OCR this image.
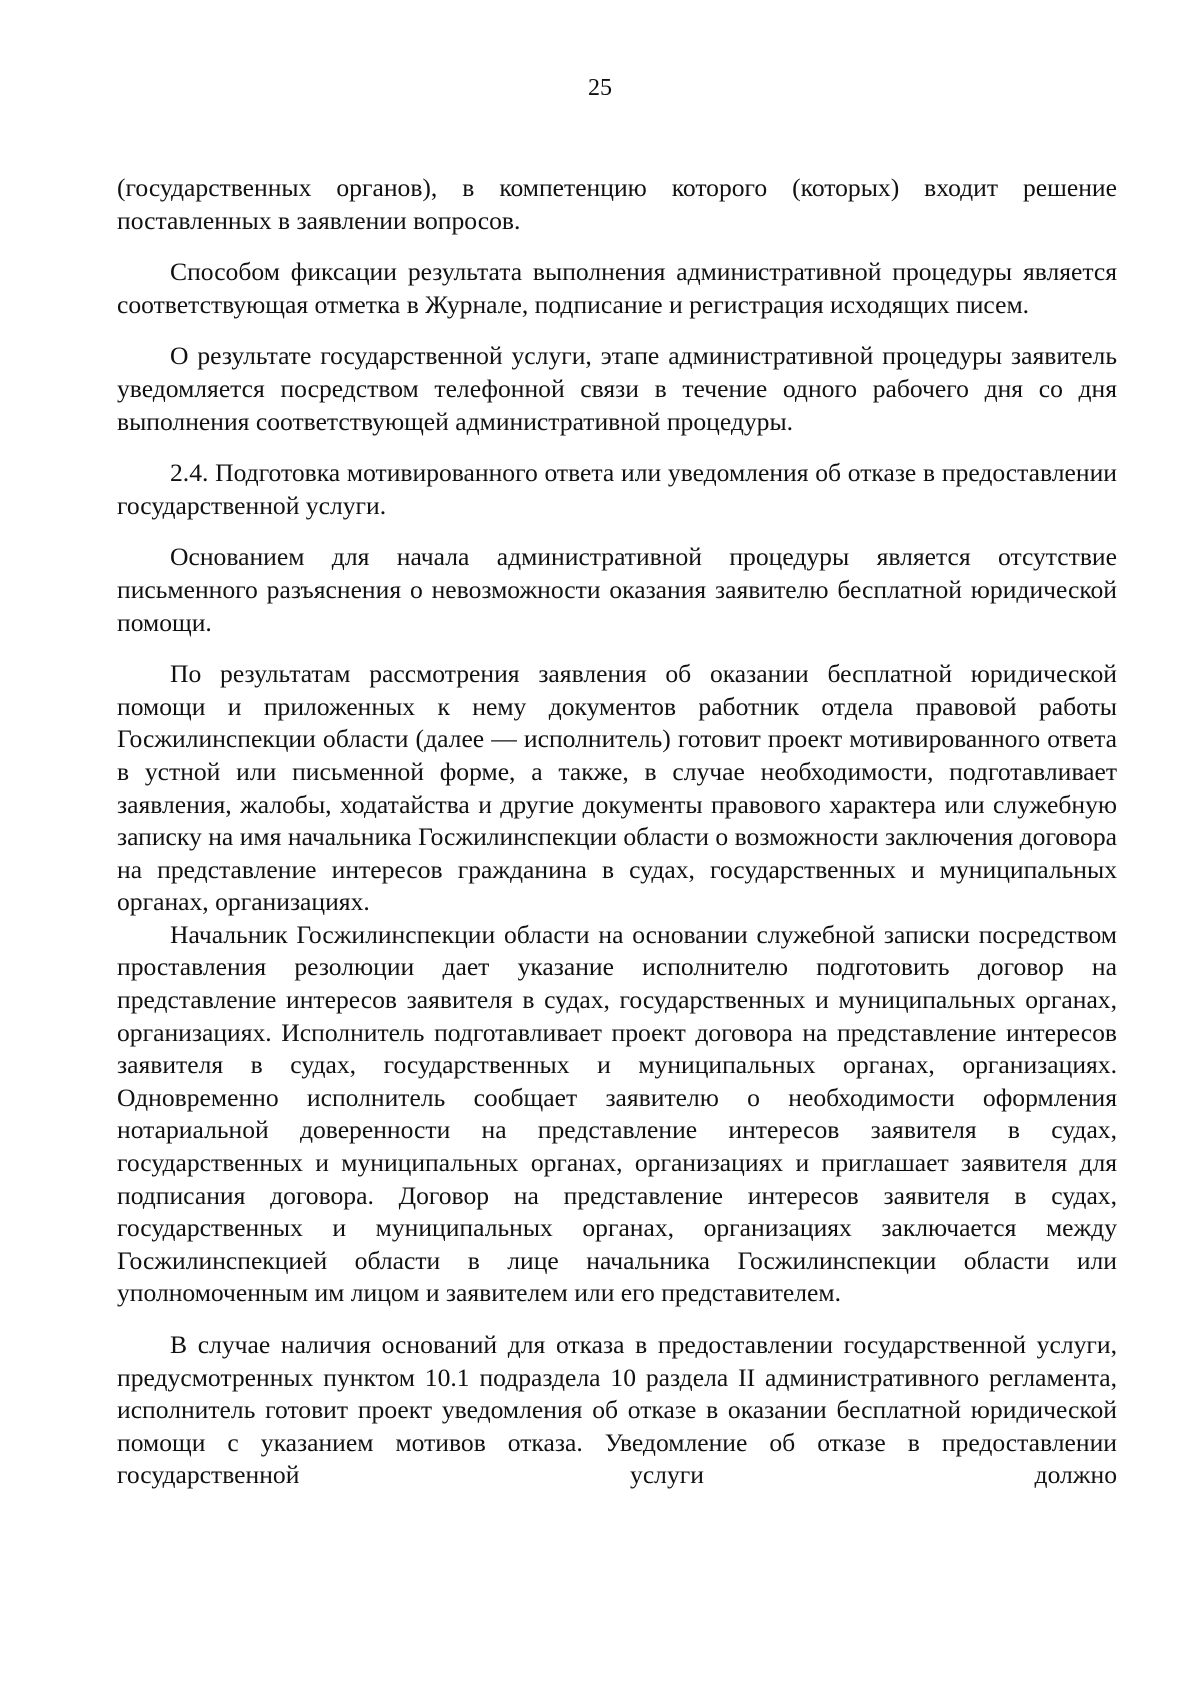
25

(государственных органов), в компетенцию которого (которых) входит решение поставленных в заявлении вопросов.

Способом фиксации результата выполнения административной процедуры является соответствующая отметка в Журнале, подписание и регистрация исходящих писем.

О результате государственной услуги, этапе административной процедуры заявитель уведомляется посредством телефонной связи в течение одного рабочего дня со дня выполнения соответствующей административной процедуры.

2.4. Подготовка мотивированного ответа или уведомления об отказе в предоставлении государственной услуги.

Основанием для начала административной процедуры является отсутствие письменного разъяснения о невозможности оказания заявителю бесплатной юридической помощи.

По результатам рассмотрения заявления об оказании бесплатной юридической помощи и приложенных к нему документов работник отдела правовой работы Госжилинспекции области (далее — исполнитель) готовит проект мотивированного ответа в устной или письменной форме, а также, в случае необходимости, подготавливает заявления, жалобы, ходатайства и другие документы правового характера или служебную записку на имя начальника Госжилинспекции области о возможности заключения договора на представление интересов гражданина в судах, государственных и муниципальных органах, организациях.

Начальник Госжилинспекции области на основании служебной записки посредством проставления резолюции дает указание исполнителю подготовить договор на представление интересов заявителя в судах, государственных и муниципальных органах, организациях. Исполнитель подготавливает проект договора на представление интересов заявителя в судах, государственных и муниципальных органах, организациях. Одновременно исполнитель сообщает заявителю о необходимости оформления нотариальной доверенности на представление интересов заявителя в судах, государственных и муниципальных органах, организациях и приглашает заявителя для подписания договора. Договор на представление интересов заявителя в судах, государственных и муниципальных органах, организациях заключается между Госжилинспекцией области в лице начальника Госжилинспекции области или уполномоченным им лицом и заявителем или его представителем.

В случае наличия оснований для отказа в предоставлении государственной услуги, предусмотренных пунктом 10.1 подраздела 10 раздела II административного регламента, исполнитель готовит проект уведомления об отказе в оказании бесплатной юридической помощи с указанием мотивов отказа. Уведомление об отказе в предоставлении государственной услуги должно
